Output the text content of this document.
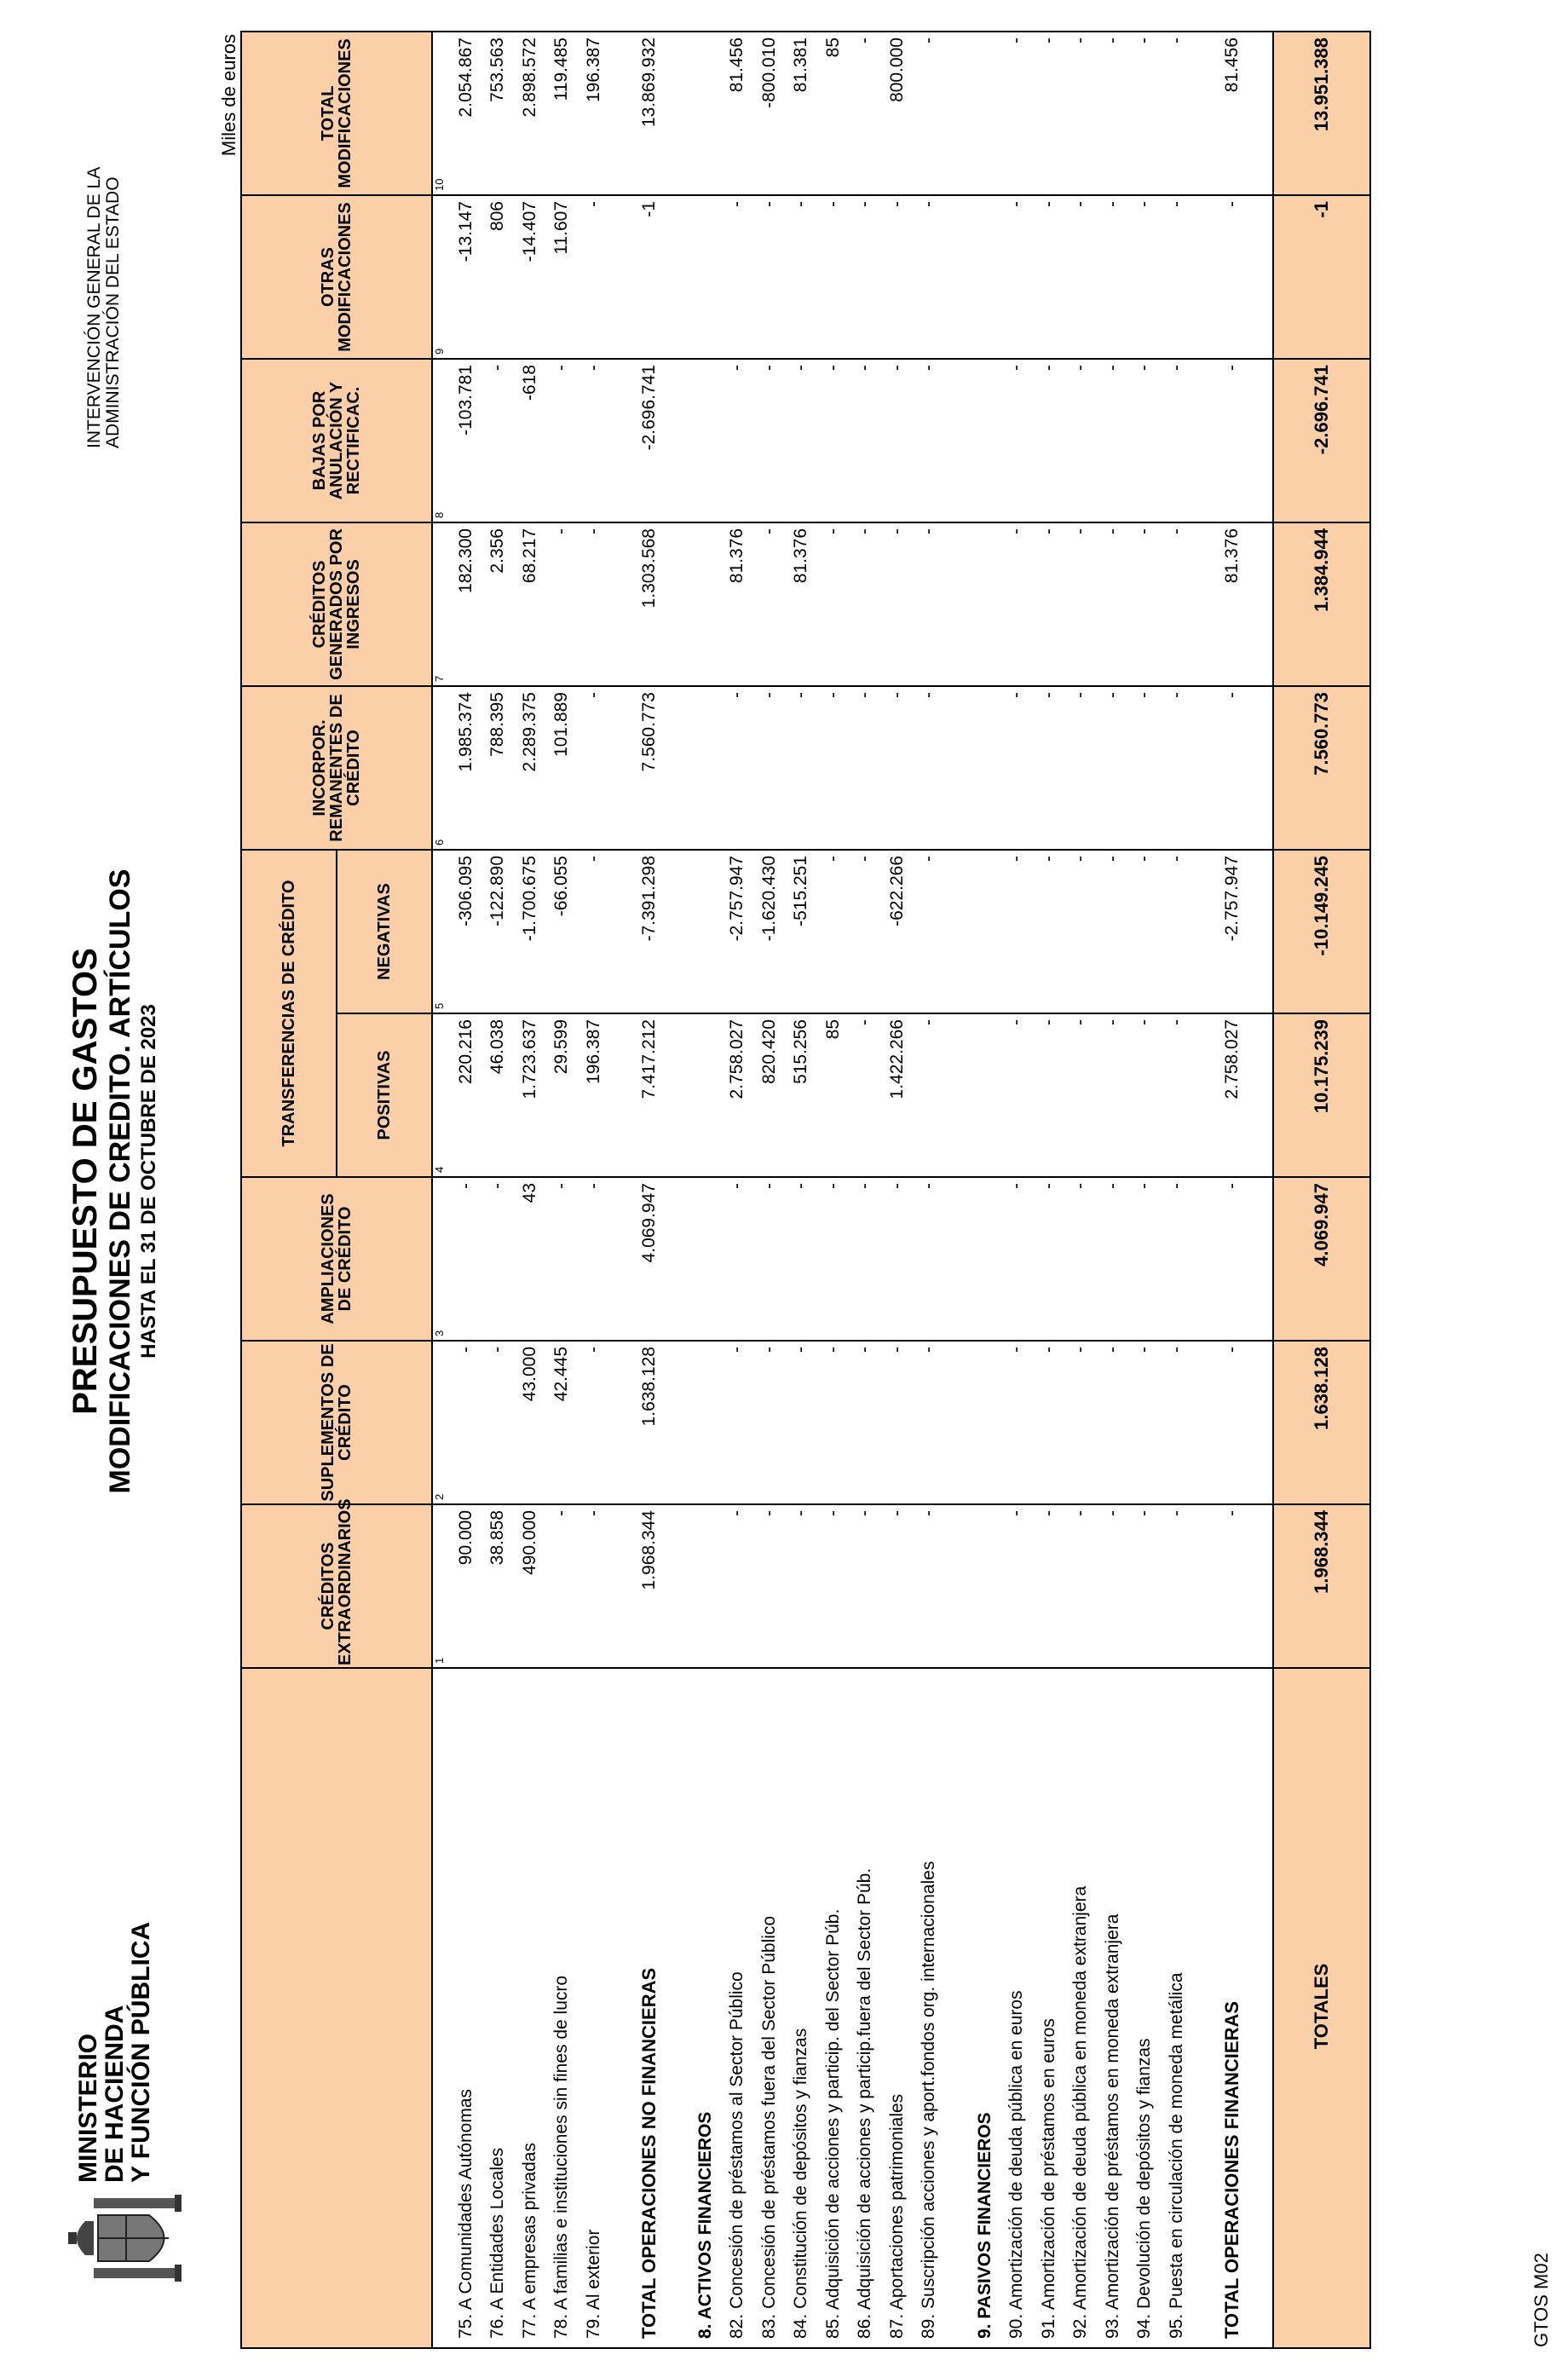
MINISTERIO
DE HACIENDA
Y FUNCIÓN PÚBLICA
PRESUPUESTO DE GASTOS MODIFICACIONES DE CREDITO. ARTÍCULOS HASTA EL 31 DE OCTUBRE DE 2023
INTERVENCIÓN GENERAL DE LA ADMINISTRACIÓN DEL ESTADO
Miles de euros
	CRÉDITOS EXTRAORDINARIOS	SUPLEMENTOS DE CRÉDITO	AMPLIACIONES DE CRÉDITO	TRANSFERENCIAS DE CRÉDITO		INCORPOR. REMANENTES DE CRÉDITO	CRÉDITOS GENERADOS POR INGRESOS	BAJAS POR ANULACIÓN Y RECTIFICAC.	OTRAS MODIFICACIONES	TOTAL MODIFICACIONES
				POSITIVAS	NEGATIVAS					
	1	2	3	4	5	6	7	8	9	10
75. A Comunidades Autónomas	90.000	-	-	220.216	-306.095	1.985.374	182.300	-103.781	-13.147	2.054.867
76. A Entidades Locales	38.858	-	-	46.038	-122.890	788.395	2.356	-	806	753.563
77. A empresas privadas	490.000	43.000	43	1.723.637	-1.700.675	2.289.375	68.217	-618	-14.407	2.898.572
78. A familias e instituciones sin fines de lucro	-	42.445	-	29.599	-66.055	101.889	-	-	11.607	119.485
79. Al exterior	-	-	-	196.387	-	-	-	-	-	196.387

TOTAL OPERACIONES NO FINANCIERAS	1.968.344	1.638.128	4.069.947	7.417.212	-7.391.298	7.560.773	1.303.568	-2.696.741	-1	13.869.932

8. ACTIVOS FINANCIEROS										
82. Concesión de préstamos al Sector Público	-	-	-	2.758.027	-2.757.947	-	81.376	-	-	81.456
83. Concesión de préstamos fuera del Sector Público	-	-	-	820.420	-1.620.430	-	-	-	-	-800.010
84. Constitución de depósitos y fianzas	-	-	-	515.256	-515.251	-	81.376	-	-	81.381
85. Adquisición de acciones y particip. del Sector Púb.	-	-	-	85	-	-	-	-	-	85
86. Adquisición de acciones y particip.fuera del Sector Púb.	-	-	-	-	-	-	-	-	-	-
87. Aportaciones patrimoniales	-	-	-	1.422.266	-622.266	-	-	-	-	800.000
89. Suscripción acciones y aport.fondos org. internacionales	-	-	-	-	-	-	-	-	-	-

9. PASIVOS FINANCIEROS										
90. Amortización de deuda pública en euros	-	-	-	-	-	-	-	-	-	-
91. Amortización de préstamos en euros	-	-	-	-	-	-	-	-	-	-
92. Amortización de deuda pública en moneda extranjera	-	-	-	-	-	-	-	-	-	-
93. Amortización de préstamos en moneda extranjera	-	-	-	-	-	-	-	-	-	-
94. Devolución de depósitos y fianzas	-	-	-	-	-	-	-	-	-	-
95. Puesta en circulación de moneda metálica	-	-	-	-	-	-	-	-	-	-

TOTAL OPERACIONES FINANCIERAS	-	-	-	2.758.027	-2.757.947	-	81.376	-	-	81.456

TOTALES	1.968.344	1.638.128	4.069.947	10.175.239	-10.149.245	7.560.773	1.384.944	-2.696.741	-1	13.951.388
GTOS M02
